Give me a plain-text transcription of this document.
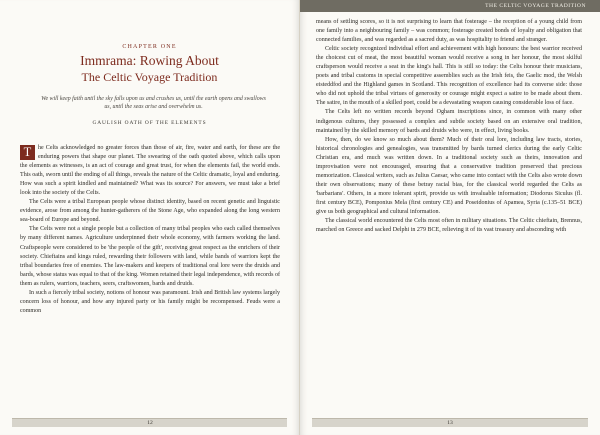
CHAPTER ONE
Immrama: Rowing About
The Celtic Voyage Tradition
We will keep faith until the sky falls upon us and crushes us, until the earth opens and swallows us, until the seas arise and overwhelm us.
GAULISH OATH OF THE ELEMENTS

T	he Celts acknowledged no greater forces than those of air, fire, water and earth, for these are the enduring powers that shape our planet. The swearing of the oath quoted above, which calls upon the elements as witnesses, is an act of courage and great trust, for when the elements fail, the world ends. This oath, sworn until the ending of all things, reveals the nature of the Celtic dramatic, loyal and enduring. How was such a spirit kindled and maintained? What was its source? For answers, we must take a brief look into the society of the Celts.

The Celts were a tribal European people whose distinct identity, based on recent genetic and linguistic evidence, arose from among the hunter-gatherers of the Stone Age, who expanded along the long western sea-board of Europe and beyond.

The Celts were not a single people but a collection of many tribal peoples who each called themselves by many different names. Agriculture underpinned their whole economy, with farmers working the land. Craftspeople were considered to be 'the people of the gift', receiving great respect as the enrichers of their society. Chieftains and kings ruled, rewarding their followers with land, while bands of warriors kept the tribal boundaries free of enemies. The law-makers and keepers of traditional oral lore were the druids and bards, whose status was equal to that of the king. Women retained their legal independence, with records of them as rulers, warriors, teachers, seers, craftswomen, bards and druids.

In such a fiercely tribal society, notions of honour was paramount. Irish and British law systems largely concern loss of honour, and how any injured party or his family might be recompensed. Feuds were a common

12
THE CELTIC VOYAGE TRADITION

means of settling scores, so it is not surprising to learn that fosterage – the reception of a young child from one family into a neighbouring family – was common; fosterage created bonds of loyalty and obligation that connected families, and was regarded as a sacred duty, as was hospitality to friend and stranger.

Celtic society recognized individual effort and achievement with high honours: the best warrior received the choicest cut of meat, the most beautiful woman would receive a song in her honour, the most skilful craftsperson would receive a seat in the king's hall. This is still so today: the Celts honour their musicians, poets and tribal customs in special competitive assemblies such as the Irish feis, the Gaelic mod, the Welsh eisteddfod and the Highland games in Scotland. This recognition of excellence had its converse side: those who did not uphold the tribal virtues of generosity or courage might expect a satire to be made about them. The satire, in the mouth of a skilled poet, could be a devastating weapon causing considerable loss of face.

The Celts left no written records beyond Ogham inscriptions since, in common with many other indigenous cultures, they possessed a complex and subtle society based on an extensive oral tradition, maintained by the skilled memory of bards and druids who were, in effect, living books.

How, then, do we know so much about them? Much of their oral lore, including law tracts, stories, historical chronologies and genealogies, was transmitted by bards turned clerics during the early Celtic Christian era, and much was written down. In a traditional society such as theirs, innovation and improvisation were not encouraged, ensuring that a conservative tradition preserved that precious memorization. Classical writers, such as Julius Caesar, who came into contact with the Celts also wrote down their own observations; many of these betray racial bias, for the classical world regarded the Celts as 'barbarians'. Others, in a more tolerant spirit, provide us with invaluable information; Diodorus Siculus (fl. first century BCE), Pomponius Mela (first century CE) and Poseidonius of Apamea, Syria (c.135–51 BCE) give us both geographical and cultural information.

The classical world encountered the Celts most often in military situations. The Celtic chieftain, Brennus, marched on Greece and sacked Delphi in 279 BCE, relieving it of its vast treasury and absconding with

13
